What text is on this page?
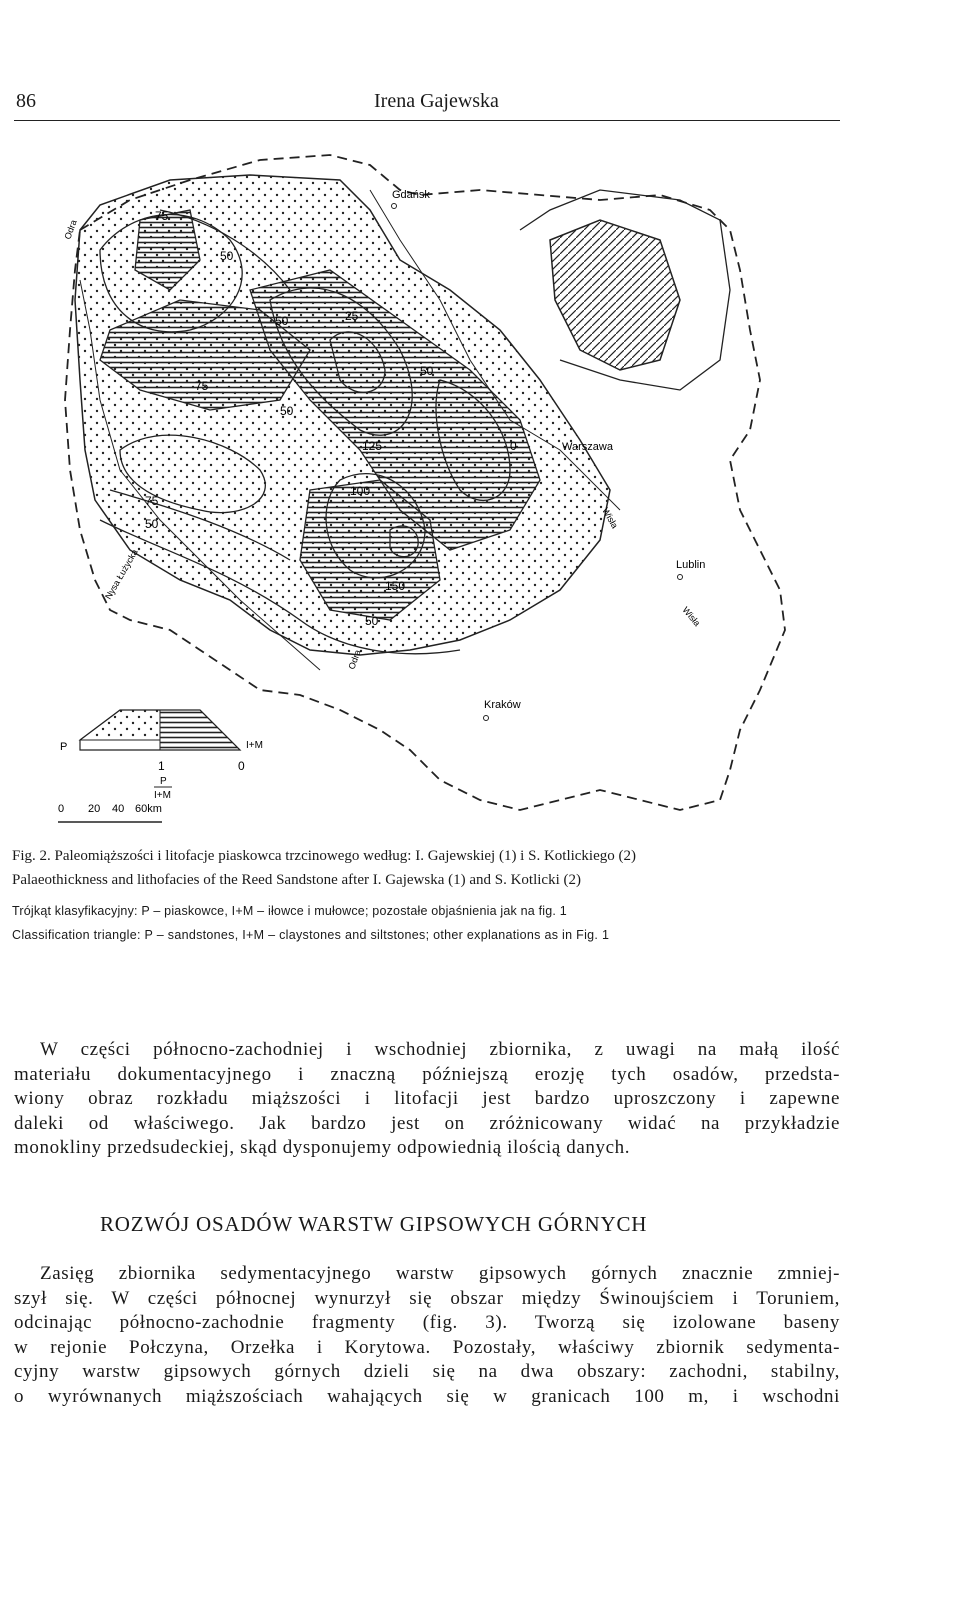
86	Irena Gajewska
Gdańsk
Warszawa
Lublin
Kraków
Odra
Wisła
Nysa Łużycka
Wisła
Odra
75
50
50	25
50
75
50
125
100
75
50
150
50
0
P	I+M
1	0
P
I+M
0 20 40 60km
Fig. 2. Paleomiąższości i litofacje piaskowca trzcinowego według: I. Gajewskiej (1) i S. Kotlickiego (2)
Palaeothickness and lithofacies of the Reed Sandstone after I. Gajewska (1) and S. Kotlicki (2)
Trójkąt klasyfikacyjny: P – piaskowce, I+M – iłowce i mułowce; pozostałe objaśnienia jak na fig. 1
Classification triangle: P – sandstones, I+M – claystones and siltstones; other explanations as in Fig. 1
W części północno-zachodniej i wschodniej zbiornika, z uwagi na małą ilość
materiału dokumentacyjnego i znaczną późniejszą erozję tych osadów, przedsta-
wiony obraz rozkładu miąższości i litofacji jest bardzo uproszczony i zapewne
daleki od właściwego. Jak bardzo jest on zróżnicowany widać na przykładzie
monokliny przedsudeckiej, skąd dysponujemy odpowiednią ilością danych.
ROZWÓJ OSADÓW WARSTW GIPSOWYCH GÓRNYCH
Zasięg zbiornika sedymentacyjnego warstw gipsowych górnych znacznie zmniej-
szył się. W części północnej wynurzył się obszar między Świnoujściem i Toruniem,
odcinając północno-zachodnie fragmenty (fig. 3). Tworzą się izolowane baseny
w rejonie Połczyna, Orzełka i Korytowa. Pozostały, właściwy zbiornik sedymenta-
cyjny warstw gipsowych górnych dzieli się na dwa obszary: zachodni, stabilny,
o wyrównanych miąższościach wahających się w granicach 100 m, i wschodni
